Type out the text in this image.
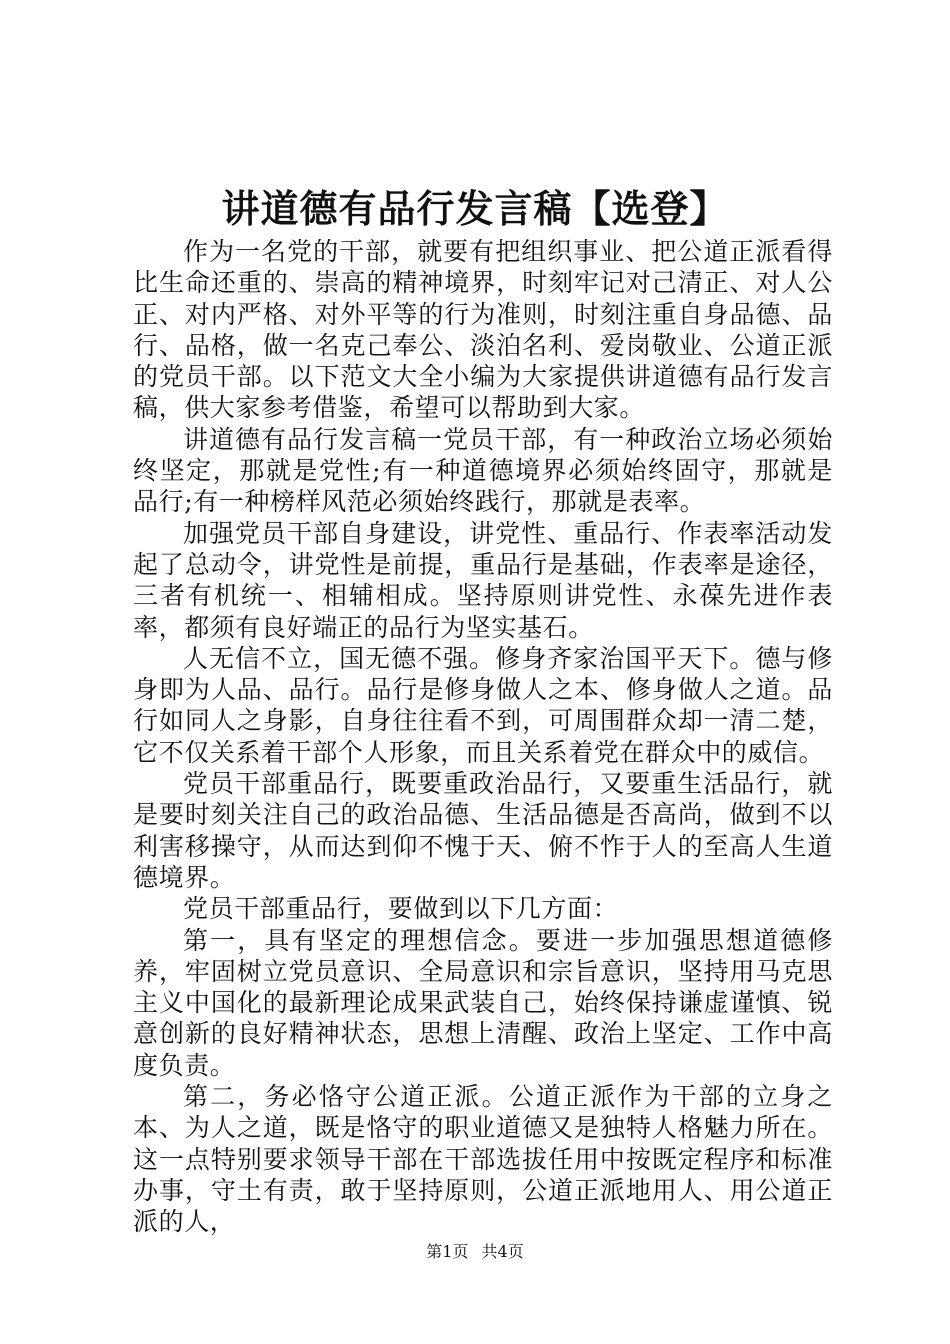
讲道德有品行发言稿【选登】

作为一名党的干部，就要有把组织事业、把公道正派看得比生命还重的、崇高的精神境界，时刻牢记对己清正、对人公正、对内严格、对外平等的行为准则，时刻注重自身品德、品行、品格，做一名克己奉公、淡泊名利、爱岗敬业、公道正派的党员干部。以下范文大全小编为大家提供讲道德有品行发言稿，供大家参考借鉴，希望可以帮助到大家。

讲道德有品行发言稿一党员干部，有一种政治立场必须始终坚定，那就是党性;有一种道德境界必须始终固守，那就是品行;有一种榜样风范必须始终践行，那就是表率。

加强党员干部自身建设，讲党性、重品行、作表率活动发起了总动令，讲党性是前提，重品行是基础，作表率是途径，三者有机统一、相辅相成。坚持原则讲党性、永葆先进作表率，都须有良好端正的品行为坚实基石。

人无信不立，国无德不强。修身齐家治国平天下。德与修身即为人品、品行。品行是修身做人之本、修身做人之道。品行如同人之身影，自身往往看不到，可周围群众却一清二楚，它不仅关系着干部个人形象，而且关系着党在群众中的威信。

党员干部重品行，既要重政治品行，又要重生活品行，就是要时刻关注自己的政治品德、生活品德是否高尚，做到不以利害移操守，从而达到仰不愧于天、俯不怍于人的至高人生道德境界。

党员干部重品行，要做到以下几方面：

第一，具有坚定的理想信念。要进一步加强思想道德修养，牢固树立党员意识、全局意识和宗旨意识，坚持用马克思主义中国化的最新理论成果武装自己，始终保持谦虚谨慎、锐意创新的良好精神状态，思想上清醒、政治上坚定、工作中高度负责。

第二，务必恪守公道正派。公道正派作为干部的立身之本、为人之道，既是恪守的职业道德又是独特人格魅力所在。这一点特别要求领导干部在干部选拔任用中按既定程序和标准办事，守土有责，敢于坚持原则，公道正派地用人、用公道正派的人，

第1页 共4页
